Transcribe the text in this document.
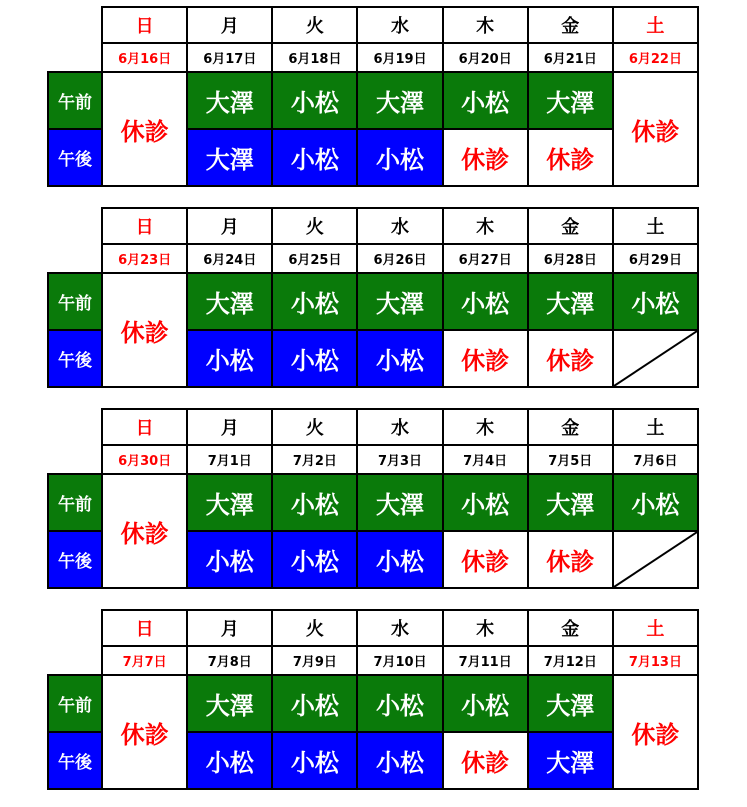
	日	月	火	水	木	金	土
	6月16日	6月17日	6月18日	6月19日	6月20日	6月21日	6月22日
午前	休診	大澤	小松	大澤	小松	大澤	休診
午後		大澤	小松	小松	休診	休診	
	日	月	火	水	木	金	土
	6月23日	6月24日	6月25日	6月26日	6月27日	6月28日	6月29日
午前	休診	大澤	小松	大澤	小松	大澤	小松
午後		小松	小松	小松	休診	休診	
	日	月	火	水	木	金	土
	6月30日	7月1日	7月2日	7月3日	7月4日	7月5日	7月6日
午前	休診	大澤	小松	大澤	小松	大澤	小松
午後		小松	小松	小松	休診	休診	
	日	月	火	水	木	金	土
	7月7日	7月8日	7月9日	7月10日	7月11日	7月12日	7月13日
午前	休診	大澤	小松	小松	小松	大澤	休診
午後		小松	小松	小松	休診	大澤	
